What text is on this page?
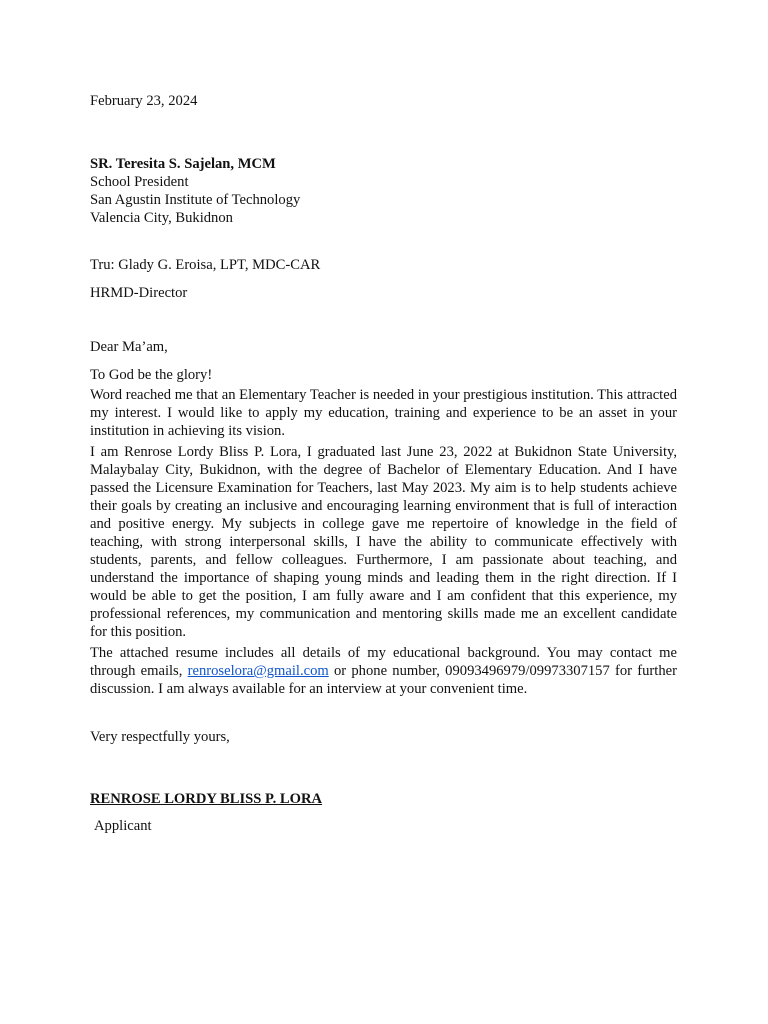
February 23, 2024
SR. Teresita S. Sajelan, MCM
School President
San Agustin Institute of Technology
Valencia City, Bukidnon
Tru: Glady G. Eroisa, LPT, MDC-CAR
HRMD-Director
Dear Ma’am,
To God be the glory!

Word reached me that an Elementary Teacher is needed in your prestigious institution. This attracted my interest. I would like to apply my education, training and experience to be an asset in your institution in achieving its vision.

I am Renrose Lordy Bliss P. Lora, I graduated last June 23, 2022 at Bukidnon State University, Malaybalay City, Bukidnon, with the degree of Bachelor of Elementary Education. And I have passed the Licensure Examination for Teachers, last May 2023. My aim is to help students achieve their goals by creating an inclusive and encouraging learning environment that is full of interaction and positive energy. My subjects in college gave me repertoire of knowledge in the field of teaching, with strong interpersonal skills, I have the ability to communicate effectively with students, parents, and fellow colleagues. Furthermore, I am passionate about teaching, and understand the importance of shaping young minds and leading them in the right direction. If I would be able to get the position, I am fully aware and I am confident that this experience, my professional references, my communication and mentoring skills made me an excellent candidate for this position.

The attached resume includes all details of my educational background. You may contact me through emails, renroselora@gmail.com or phone number, 09093496979/09973307157 for further discussion. I am always available for an interview at your convenient time.

Very respectfully yours,
RENROSE LORDY BLISS P. LORA
Applicant
